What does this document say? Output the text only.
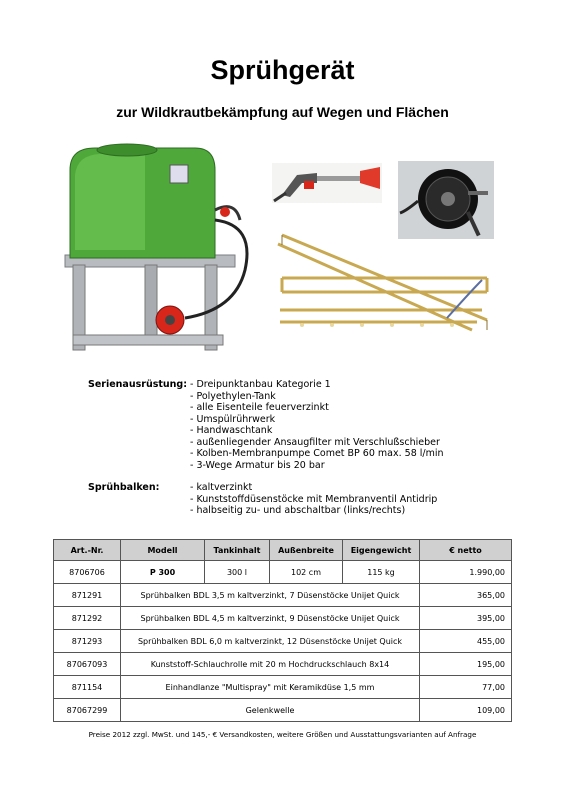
Sprühgerät
zur Wildkrautbekämpfung auf Wegen und Flächen
Serienausrüstung: - Dreipunktanbau Kategorie 1
- Polyethylen-Tank
- alle Eisenteile feuerverzinkt
- Umspülrührwerk
- Handwaschtank
- außenliegender Ansaugfilter mit Verschlußschieber
- Kolben-Membranpumpe Comet BP 60 max. 58 l/min
- 3-Wege Armatur bis 20 bar
Sprühbalken:	- kaltverzinkt
- Kunststoffdüsenstöcke mit Membranventil Antidrip
- halbseitig zu- und abschaltbar (links/rechts)
Art.-Nr.	Modell	Tankinhalt	Außenbreite	Eigengewicht	€ netto
8706706	P 300	300 l	102 cm	115 kg	1.990,00
871291	Sprühbalken BDL 3,5 m kaltverzinkt, 7 Düsenstöcke Unijet Quick				365,00
871292	Sprühbalken BDL 4,5 m kaltverzinkt, 9 Düsenstöcke Unijet Quick				395,00
871293	Sprühbalken BDL 6,0 m kaltverzinkt, 12 Düsenstöcke Unijet Quick				455,00
87067093	Kunststoff-Schlauchrolle mit 20 m Hochdruckschlauch 8x14				195,00
871154	Einhandlanze "Multispray" mit Keramikdüse 1,5 mm				77,00
87067299	Gelenkwelle				109,00
Preise 2012 zzgl. MwSt. und 145,- € Versandkosten, weitere Größen und Ausstattungsvarianten auf Anfrage
